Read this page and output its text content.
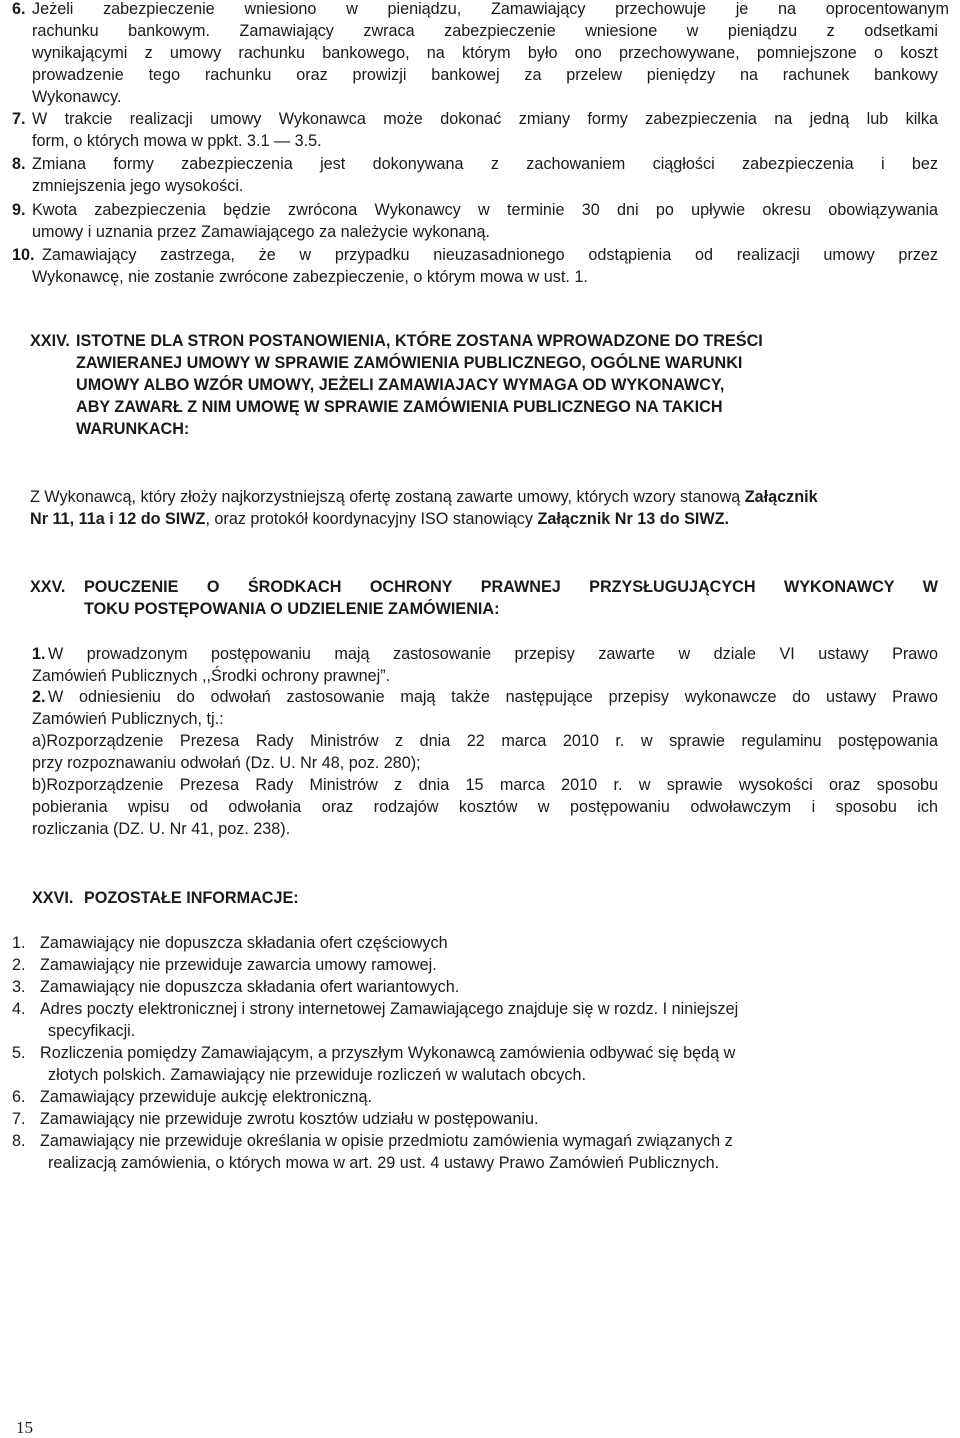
6. Jeżeli zabezpieczenie wniesiono w pieniądzu, Zamawiający przechowuje je na oprocentowanym
rachunku bankowym. Zamawiający zwraca zabezpieczenie wniesione w pieniądzu z odsetkami
wynikającymi z umowy rachunku bankowego, na którym było ono przechowywane, pomniejszone o koszt
prowadzenie tego rachunku oraz prowizji bankowej za przelew pieniędzy na rachunek bankowy
Wykonawcy.
7. W trakcie realizacji umowy Wykonawca może dokonać zmiany formy zabezpieczenia na jedną lub kilka
form, o których mowa w ppkt. 3.1 — 3.5.
8. Zmiana formy zabezpieczenia jest dokonywana z zachowaniem ciągłości zabezpieczenia i bez
zmniejszenia jego wysokości.
9. Kwota zabezpieczenia będzie zwrócona Wykonawcy w terminie 30 dni po upływie okresu obowiązywania
umowy i uznania przez Zamawiającego za należycie wykonaną.
10. Zamawiający zastrzega, że w przypadku nieuzasadnionego odstąpienia od realizacji umowy przez
Wykonawcę, nie zostanie zwrócone zabezpieczenie, o którym mowa w ust. 1.
XXIV. ISTOTNE DLA STRON POSTANOWIENIA, KTÓRE ZOSTANA WPROWADZONE DO TREŚCI
ZAWIERANEJ UMOWY W SPRAWIE ZAMÓWIENIA PUBLICZNEGO, OGÓLNE WARUNKI
UMOWY ALBO WZÓR UMOWY, JEŻELI ZAMAWIAJACY WYMAGA OD WYKONAWCY,
ABY ZAWARŁ Z NIM UMOWĘ W SPRAWIE ZAMÓWIENIA PUBLICZNEGO NA TAKICH
WARUNKACH:
Z Wykonawcą, który złoży najkorzystniejszą ofertę zostaną zawarte umowy, których wzory stanową Załącznik
Nr 11, 11a i 12 do SIWZ, oraz protokół koordynacyjny ISO stanowiący Załącznik Nr 13 do SIWZ.
XXV.	POUCZENIE O ŚRODKACH OCHRONY PRAWNEJ PRZYSŁUGUJĄCYCH WYKONAWCY W
TOKU POSTĘPOWANIA O UDZIELENIE ZAMÓWIENIA:
1. W prowadzonym postępowaniu mają zastosowanie przepisy zawarte w dziale VI ustawy Prawo
Zamówień Publicznych ,,Środki ochrony prawnej”.
2. W odniesieniu do odwołań zastosowanie mają także następujące przepisy wykonawcze do ustawy Prawo
Zamówień Publicznych, tj.:
a)Rozporządzenie Prezesa Rady Ministrów z dnia 22 marca 2010 r. w sprawie regulaminu postępowania
przy rozpoznawaniu odwołań (Dz. U. Nr 48, poz. 280);
b)Rozporządzenie Prezesa Rady Ministrów z dnia 15 marca 2010 r. w sprawie wysokości oraz sposobu
pobierania wpisu od odwołania oraz rodzajów kosztów w postępowaniu odwoławczym i sposobu ich
rozliczania (DZ. U. Nr 41, poz. 238).
XXVI. POZOSTAŁE INFORMACJE:
1. Zamawiający nie dopuszcza składania ofert częściowych
2. Zamawiający nie przewiduje zawarcia umowy ramowej.
3. Zamawiający nie dopuszcza składania ofert wariantowych.
4. Adres poczty elektronicznej i strony internetowej Zamawiającego znajduje się w rozdz. I niniejszej
specyfikacji.
5. Rozliczenia pomiędzy Zamawiającym, a przyszłym Wykonawcą zamówienia odbywać się będą w
złotych polskich. Zamawiający nie przewiduje rozliczeń w walutach obcych.
6. Zamawiający przewiduje aukcję elektroniczną.
7. Zamawiający nie przewiduje zwrotu kosztów udziału w postępowaniu.
8. Zamawiający nie przewiduje określania w opisie przedmiotu zamówienia wymagań związanych z
realizacją zamówienia, o których mowa w art. 29 ust. 4 ustawy Prawo Zamówień Publicznych.
15
